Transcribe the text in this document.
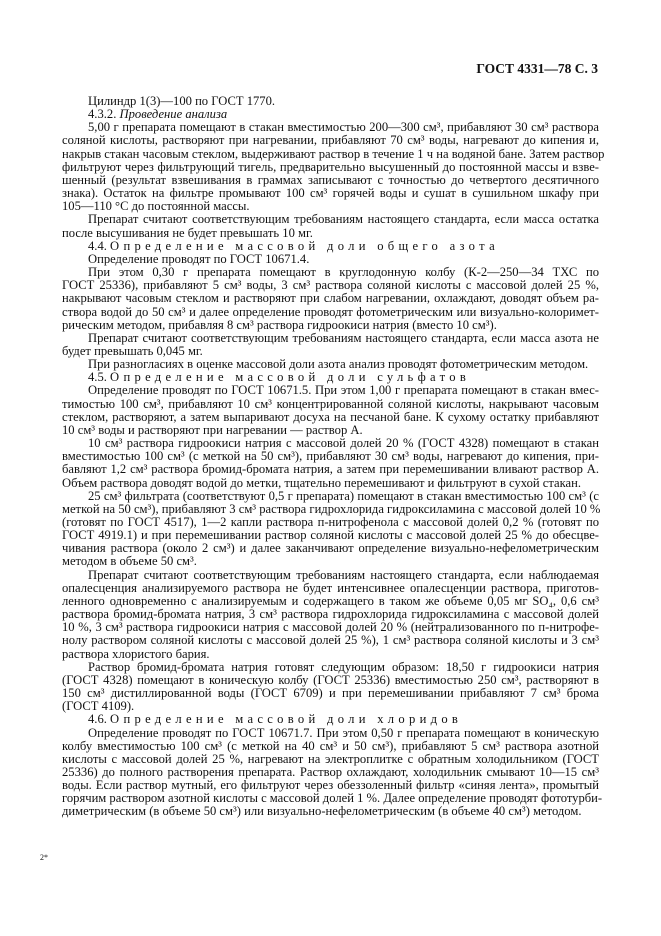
ГОСТ 4331—78 С. 3
Цилиндр 1(3)—100 по ГОСТ 1770.
4.3.2. Проведение анализа
5,00 г препарата помещают в стакан вместимостью 200—300 см³, прибавляют 30 см³ раствора
соляной кислоты, растворяют при нагревании, прибавляют 70 см³ воды, нагревают до кипения и,
накрыв стакан часовым стеклом, выдерживают раствор в течение 1 ч на водяной бане. Затем раствор
фильтруют через фильтрующий тигель, предварительно высушенный до постоянной массы и взве-
шенный (результат взвешивания в граммах записывают с точностью до четвертого десятичного
знака). Остаток на фильтре промывают 100 см³ горячей воды и сушат в сушильном шкафу при
105—110 °С до постоянной массы.
Препарат считают соответствующим требованиям настоящего стандарта, если масса остатка
после высушивания не будет превышать 10 мг.
4.4. Определение массовой доли общего азота
Определение проводят по ГОСТ 10671.4.
При этом 0,30 г препарата помещают в круглодонную колбу (К-2—250—34 ТХС по
ГОСТ 25336), прибавляют 5 см³ воды, 3 см³ раствора соляной кислоты с массовой долей 25 %,
накрывают часовым стеклом и растворяют при слабом нагревании, охлаждают, доводят объем ра-
створа водой до 50 см³ и далее определение проводят фотометрическим или визуально-колоримет-
рическим методом, прибавляя 8 см³ раствора гидроокиси натрия (вместо 10 см³).
Препарат считают соответствующим требованиям настоящего стандарта, если масса азота не
будет превышать 0,045 мг.
При разногласиях в оценке массовой доли азота анализ проводят фотометрическим методом.
4.5. Определение массовой доли сульфатов
Определение проводят по ГОСТ 10671.5. При этом 1,00 г препарата помещают в стакан вмес-
тимостью 100 см³, прибавляют 10 см³ концентрированной соляной кислоты, накрывают часовым
стеклом, растворяют, а затем выпаривают досуха на песчаной бане. К сухому остатку прибавляют
10 см³ воды и растворяют при нагревании — раствор А.
10 см³ раствора гидроокиси натрия с массовой долей 20 % (ГОСТ 4328) помещают в стакан
вместимостью 100 см³ (с меткой на 50 см³), прибавляют 30 см³ воды, нагревают до кипения, при-
бавляют 1,2 см³ раствора бромид-бромата натрия, а затем при перемешивании вливают раствор А.
Объем раствора доводят водой до метки, тщательно перемешивают и фильтруют в сухой стакан.
25 см³ фильтрата (соответствуют 0,5 г препарата) помещают в стакан вместимостью 100 см³ (с
меткой на 50 см³), прибавляют 3 см³ раствора гидрохлорида гидроксиламина с массовой долей 10 %
(готовят по ГОСТ 4517), 1—2 капли раствора п-нитрофенола с массовой долей 0,2 % (готовят по
ГОСТ 4919.1) и при перемешивании раствор соляной кислоты с массовой долей 25 % до обесцве-
чивания раствора (около 2 см³) и далее заканчивают определение визуально-нефелометрическим
методом в объеме 50 см³.
Препарат считают соответствующим требованиям настоящего стандарта, если наблюдаемая
опалесценция анализируемого раствора не будет интенсивнее опалесценции раствора, приготов-
ленного одновременно с анализируемым и содержащего в таком же объеме 0,05 мг SO₄, 0,6 см³
раствора бромид-бромата натрия, 3 см³ раствора гидрохлорида гидроксиламина с массовой долей
10 %, 3 см³ раствора гидроокиси натрия с массовой долей 20 % (нейтрализованного по п-нитрофе-
нолу раствором соляной кислоты с массовой долей 25 %), 1 см³ раствора соляной кислоты и 3 см³
раствора хлористого бария.
Раствор бромид-бромата натрия готовят следующим образом: 18,50 г гидроокиси натрия
(ГОСТ 4328) помещают в коническую колбу (ГОСТ 25336) вместимостью 250 см³, растворяют в
150 см³ дистиллированной воды (ГОСТ 6709) и при перемешивании прибавляют 7 см³ брома
(ГОСТ 4109).
4.6. Определение массовой доли хлоридов
Определение проводят по ГОСТ 10671.7. При этом 0,50 г препарата помещают в коническую
колбу вместимостью 100 см³ (с меткой на 40 см³ и 50 см³), прибавляют 5 см³ раствора азотной
кислоты с массовой долей 25 %, нагревают на электроплитке с обратным холодильником (ГОСТ
25336) до полного растворения препарата. Раствор охлаждают, холодильник смывают 10—15 см³
воды. Если раствор мутный, его фильтруют через обеззоленный фильтр «синяя лента», промытый
горячим раствором азотной кислоты с массовой долей 1 %. Далее определение проводят фототурби-
диметрическим (в объеме 50 см³) или визуально-нефелометрическим (в объеме 40 см³) методом.
2*
